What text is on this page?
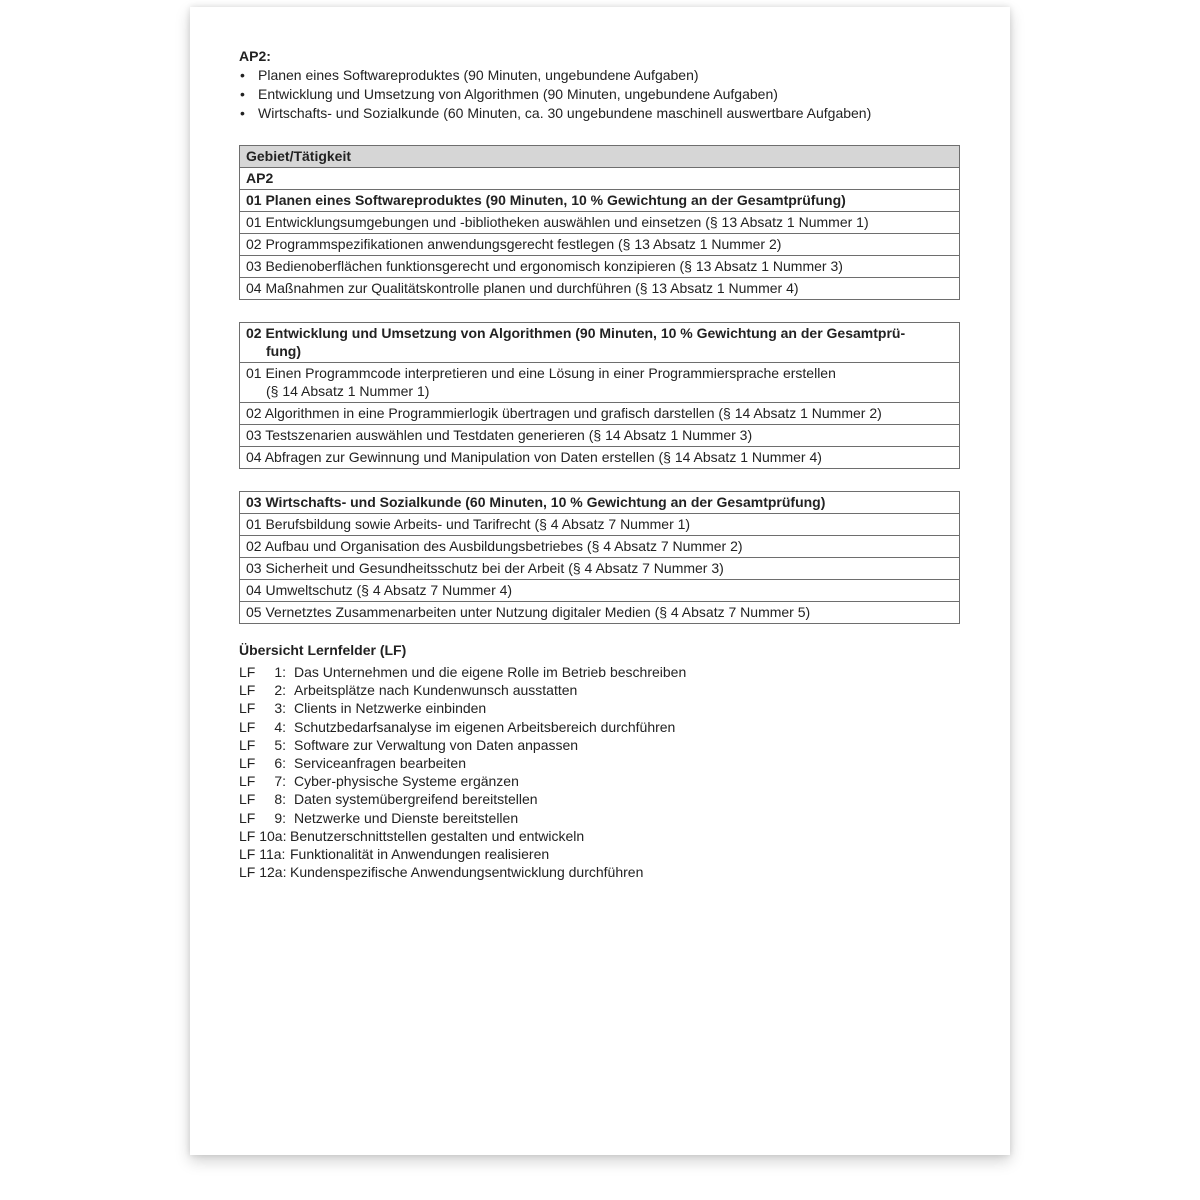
AP2:
• Planen eines Softwareproduktes (90 Minuten, ungebundene Aufgaben)
• Entwicklung und Umsetzung von Algorithmen (90 Minuten, ungebundene Aufgaben)
• Wirtschafts- und Sozialkunde (60 Minuten, ca. 30 ungebundene maschinell auswertbare Aufgaben)
Gebiet/Tätigkeit
AP2
01 Planen eines Softwareproduktes (90 Minuten, 10 % Gewichtung an der Gesamtprüfung)
01 Entwicklungsumgebungen und -bibliotheken auswählen und einsetzen (§ 13 Absatz 1 Nummer 1)
02 Programmspezifikationen anwendungsgerecht festlegen (§ 13 Absatz 1 Nummer 2)
03 Bedienoberflächen funktionsgerecht und ergonomisch konzipieren (§ 13 Absatz 1 Nummer 3)
04 Maßnahmen zur Qualitätskontrolle planen und durchführen (§ 13 Absatz 1 Nummer 4)
02 Entwicklung und Umsetzung von Algorithmen (90 Minuten, 10 % Gewichtung an der Gesamtprü-

fung)

01 Einen Programmcode interpretieren und eine Lösung in einer Programmiersprache erstellen

(§ 14 Absatz 1 Nummer 1)

02 Algorithmen in eine Programmierlogik übertragen und grafisch darstellen (§ 14 Absatz 1 Nummer 2)
03 Testszenarien auswählen und Testdaten generieren (§ 14 Absatz 1 Nummer 3)
04 Abfragen zur Gewinnung und Manipulation von Daten erstellen (§ 14 Absatz 1 Nummer 4)
03 Wirtschafts- und Sozialkunde (60 Minuten, 10 % Gewichtung an der Gesamtprüfung)
01 Berufsbildung sowie Arbeits- und Tarifrecht (§ 4 Absatz 7 Nummer 1)
02 Aufbau und Organisation des Ausbildungsbetriebes (§ 4 Absatz 7 Nummer 2)
03 Sicherheit und Gesundheitsschutz bei der Arbeit (§ 4 Absatz 7 Nummer 3)
04 Umweltschutz (§ 4 Absatz 7 Nummer 4)
05 Vernetztes Zusammenarbeiten unter Nutzung digitaler Medien (§ 4 Absatz 7 Nummer 5)
Übersicht Lernfelder (LF)
LF	1: Das Unternehmen und die eigene Rolle im Betrieb beschreiben
LF	2: Arbeitsplätze nach Kundenwunsch ausstatten
LF	3: Clients in Netzwerke einbinden
LF	4: Schutzbedarfsanalyse im eigenen Arbeitsbereich durchführen
LF	5: Software zur Verwaltung von Daten anpassen
LF	6: Serviceanfragen bearbeiten
LF	7: Cyber-physische Systeme ergänzen
LF	8: Daten systemübergreifend bereitstellen
LF	9: Netzwerke und Dienste bereitstellen
LF 10a: Benutzerschnittstellen gestalten und entwickeln
LF 11a: Funktionalität in Anwendungen realisieren
LF 12a: Kundenspezifische Anwendungsentwicklung durchführen
